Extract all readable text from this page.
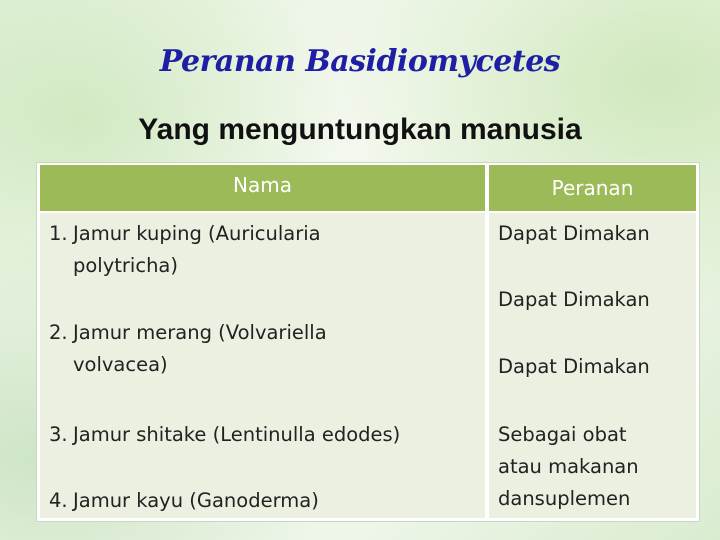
Peranan Basidiomycetes
Yang menguntungkan manusia
Nama	Peranan
1. Jamur kuping (Auricularia
polytricha)
2. Jamur merang (Volvariella
volvacea)
3. Jamur shitake (Lentinulla edodes)
4. Jamur kayu (Ganoderma)
Dapat Dimakan
Dapat Dimakan
Dapat Dimakan
Sebagai obat
atau makanan
dansuplemen
